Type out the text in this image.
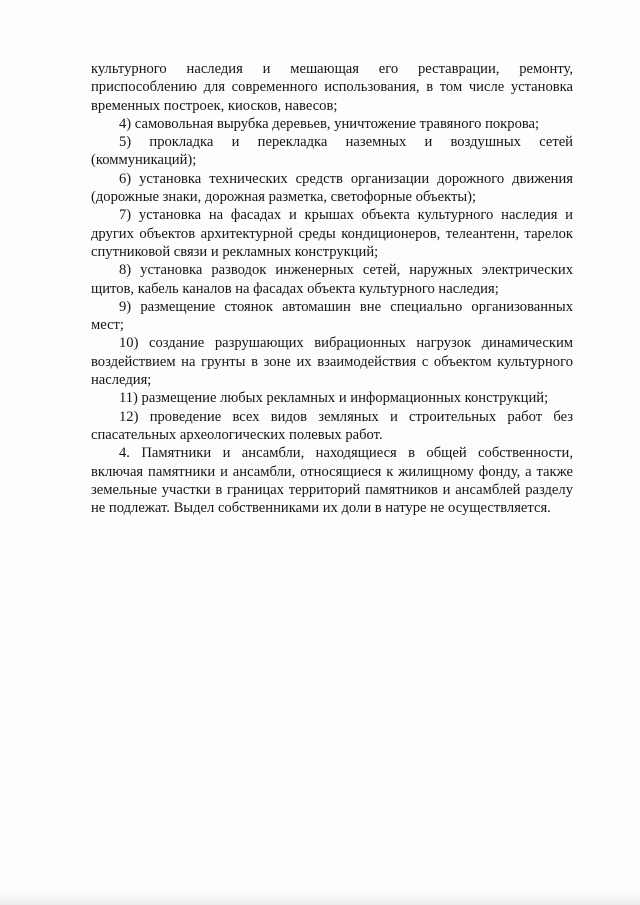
культурного наследия и мешающая его реставрации, ремонту, приспособлению для современного использования, в том числе установка временных построек, киосков, навесов;

4) самовольная вырубка деревьев, уничтожение травяного покрова;

5) прокладка и перекладка наземных и воздушных сетей (коммуникаций);

6) установка технических средств организации дорожного движения (дорожные знаки, дорожная разметка, светофорные объекты);

7) установка на фасадах и крышах объекта культурного наследия и других объектов архитектурной среды кондиционеров, телеантенн, тарелок спутниковой связи и рекламных конструкций;

8) установка разводок инженерных сетей, наружных электрических щитов, кабель каналов на фасадах объекта культурного наследия;

9) размещение стоянок автомашин вне специально организованных мест;

10) создание разрушающих вибрационных нагрузок динамическим воздействием на грунты в зоне их взаимодействия с объектом культурного наследия;

11) размещение любых рекламных и информационных конструкций;

12) проведение всех видов земляных и строительных работ без спасательных археологических полевых работ.

4. Памятники и ансамбли, находящиеся в общей собственности, включая памятники и ансамбли, относящиеся к жилищному фонду, а также земельные участки в границах территорий памятников и ансамблей разделу не подлежат. Выдел собственниками их доли в натуре не осуществляется.
